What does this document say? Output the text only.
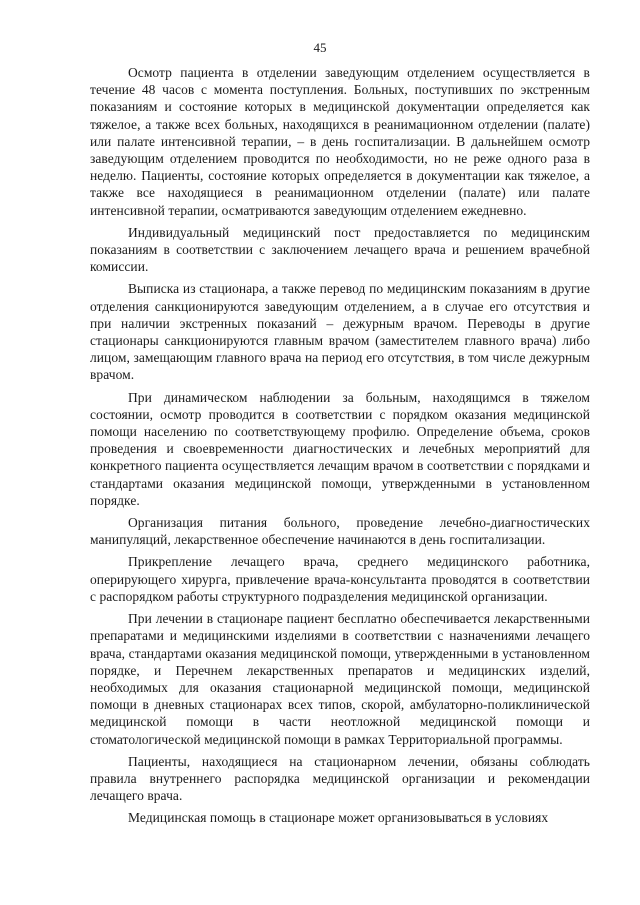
45

Осмотр пациента в отделении заведующим отделением осуществляется в течение 48 часов с момента поступления. Больных, поступивших по экстренным показаниям и состояние которых в медицинской документации определяется как тяжелое, а также всех больных, находящихся в реанимационном отделении (палате) или палате интенсивной терапии, – в день госпитализации. В дальнейшем осмотр заведующим отделением проводится по необходимости, но не реже одного раза в неделю. Пациенты, состояние которых определяется в документации как тяжелое, а также все находящиеся в реанимационном отделении (палате) или палате интенсивной терапии, осматриваются заведующим отделением ежедневно.

Индивидуальный медицинский пост предоставляется по медицинским показаниям в соответствии с заключением лечащего врача и решением врачебной комиссии.

Выписка из стационара, а также перевод по медицинским показаниям в другие отделения санкционируются заведующим отделением, а в случае его отсутствия и при наличии экстренных показаний – дежурным врачом. Переводы в другие стационары санкционируются главным врачом (заместителем главного врача) либо лицом, замещающим главного врача на период его отсутствия, в том числе дежурным врачом.

При динамическом наблюдении за больным, находящимся в тяжелом состоянии, осмотр проводится в соответствии с порядком оказания медицинской помощи населению по соответствующему профилю. Определение объема, сроков проведения и своевременности диагностических и лечебных мероприятий для конкретного пациента осуществляется лечащим врачом в соответствии с порядками и стандартами оказания медицинской помощи, утвержденными в установленном порядке.

Организация питания больного, проведение лечебно-диагностических манипуляций, лекарственное обеспечение начинаются в день госпитализации.

Прикрепление лечащего врача, среднего медицинского работника, оперирующего хирурга, привлечение врача-консультанта проводятся в соответствии с распорядком работы структурного подразделения медицинской организации.

При лечении в стационаре пациент бесплатно обеспечивается лекарственными препаратами и медицинскими изделиями в соответствии с назначениями лечащего врача, стандартами оказания медицинской помощи, утвержденными в установленном порядке, и Перечнем лекарственных препаратов и медицинских изделий, необходимых для оказания стационарной медицинской помощи, медицинской помощи в дневных стационарах всех типов, скорой, амбулаторно-поликлинической медицинской помощи в части неотложной медицинской помощи и стоматологической медицинской помощи в рамках Территориальной программы.

Пациенты, находящиеся на стационарном лечении, обязаны соблюдать правила внутреннего распорядка медицинской организации и рекомендации лечащего врача.

Медицинская помощь в стационаре может организовываться в условиях
